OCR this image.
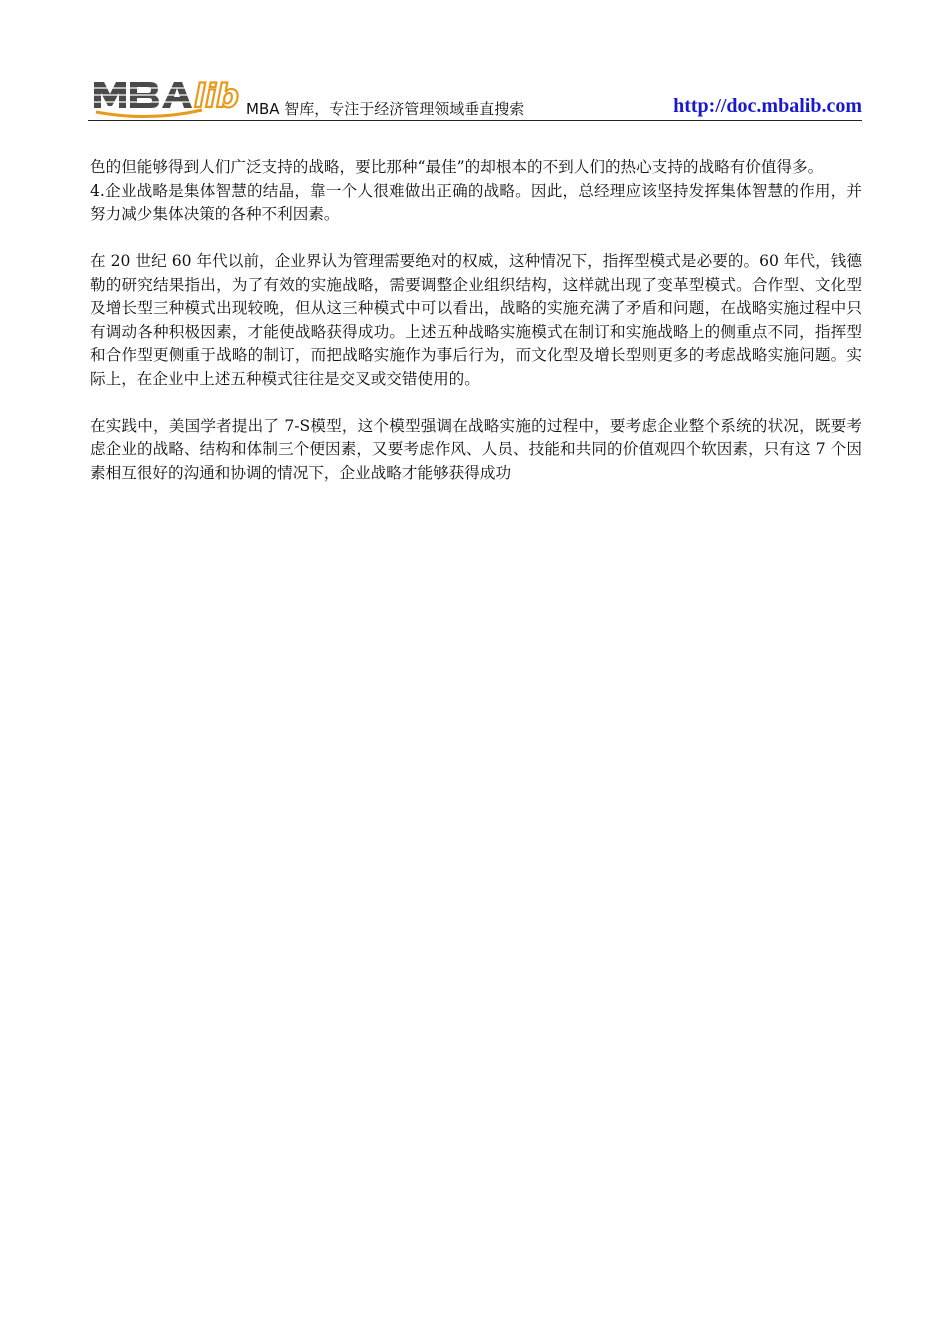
lib MBA 智库，专注于经济管理领域垂直搜索	http://doc.mbalib.com

色的但能够得到人们广泛支持的战略，要比那种“最佳”的却根本的不到人们的热心支持的战略有价值得多。

4.企业战略是集体智慧的结晶，靠一个人很难做出正确的战略。因此，总经理应该坚持发挥集体智慧的作用，并努力减少集体决策的各种不利因素。

在 20 世纪 60 年代以前，企业界认为管理需要绝对的权威，这种情况下，指挥型模式是必要的。60 年代，钱德勒的研究结果指出，为了有效的实施战略，需要调整企业组织结构，这样就出现了变革型模式。合作型、文化型及增长型三种模式出现较晚，但从这三种模式中可以看出，战略的实施充满了矛盾和问题，在战略实施过程中只有调动各种积极因素，才能使战略获得成功。上述五种战略实施模式在制订和实施战略上的侧重点不同，指挥型和合作型更侧重于战略的制订，而把战略实施作为事后行为，而文化型及增长型则更多的考虑战略实施问题。实际上，在企业中上述五种模式往往是交叉或交错使用的。

在实践中，美国学者提出了 7-S模型，这个模型强调在战略实施的过程中，要考虑企业整个系统的状况，既要考虑企业的战略、结构和体制三个便因素，又要考虑作风、人员、技能和共同的价值观四个软因素，只有这 7 个因素相互很好的沟通和协调的情况下，企业战略才能够获得成功
